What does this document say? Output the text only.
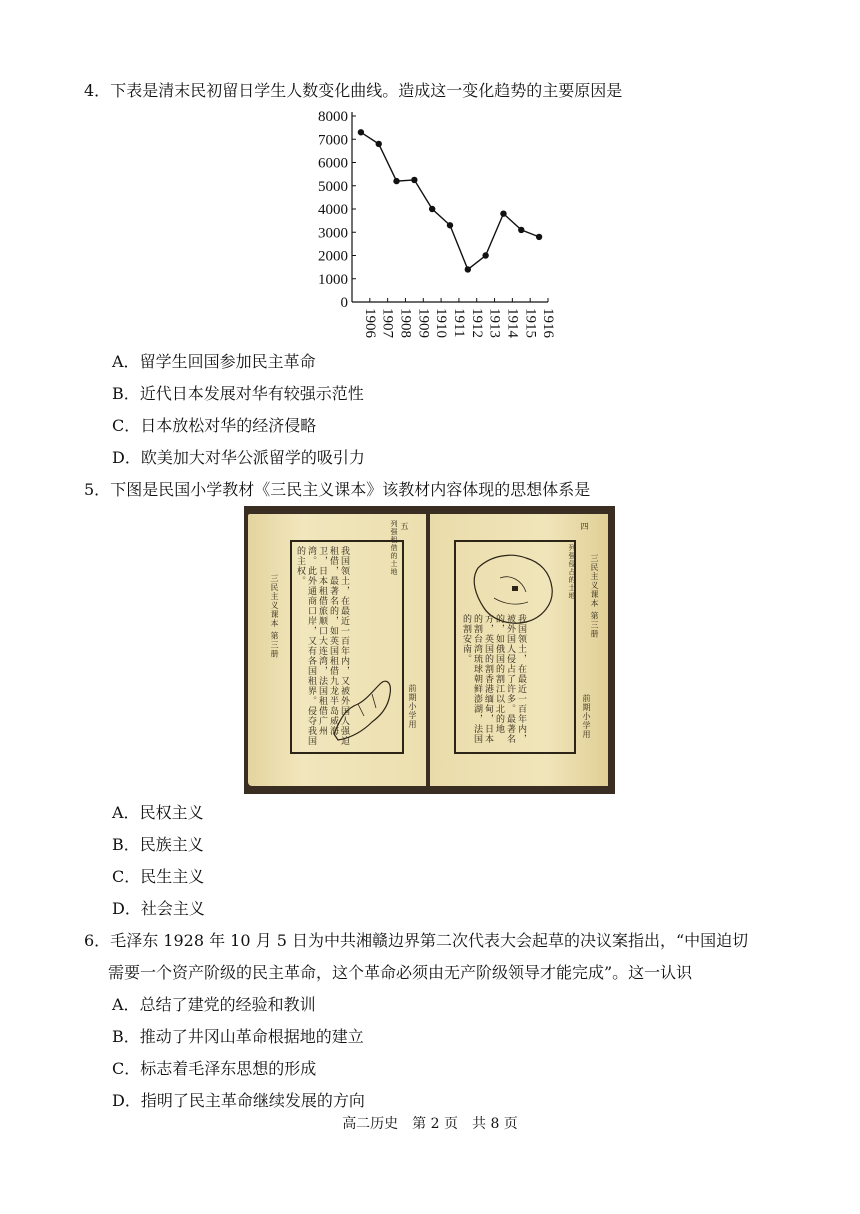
4．下表是清末民初留日学生人数变化曲线。造成这一变化趋势的主要原因是
0
1000
2000
3000
4000
5000
6000
7000
8000
1906 1907 1908 1909 1910 1911 1912 1913 1914 1915 1916
A．留学生回国参加民主革命
B．近代日本发展对华有较强示范性
C．日本放松对华的经济侵略
D．欧美加大对华公派留学的吸引力
5．下图是民国小学教材《三民主义课本》该教材内容体现的思想体系是
我国领土，在最近一百年内，又被外国人强迫租借，最著名的，如英国租借九龙半岛威海卫，日本租借旅顺口大连湾，法国租借广州湾。此外通商口岸，又有各国租界。侵夺我国的主权。
三民主义课本 第三册
前期小学用
列强租借的土地 五
我国领土，在最近一百年内，被外国人侵占了许多。最著名的，如俄国的割江以北的地方，英国的割香港缅甸，日本的割台湾琉球朝鲜澎湖，法国的割安南。
三民主义课本 第三册
前期小学用
列强侵占的土地
四
A．民权主义
B．民族主义
C．民生主义
D．社会主义
6．毛泽东 1928 年 10 月 5 日为中共湘赣边界第二次代表大会起草的决议案指出，“中国迫切
需要一个资产阶级的民主革命，这个革命必须由无产阶级领导才能完成”。这一认识
A．总结了建党的经验和教训
B．推动了井冈山革命根据地的建立
C．标志着毛泽东思想的形成
D．指明了民主革命继续发展的方向
高二历史　第 2 页　共 8 页
